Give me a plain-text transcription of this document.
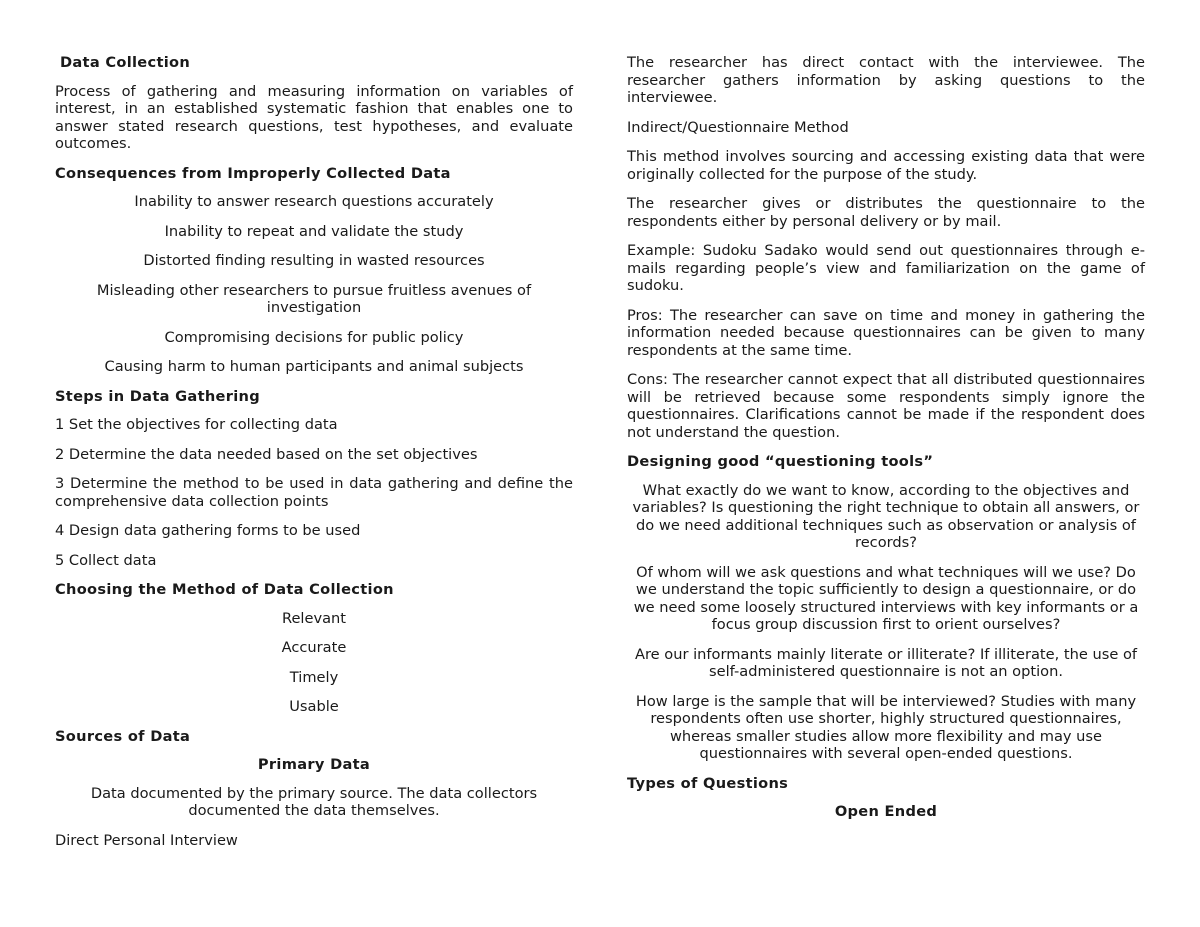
Data Collection

Process of gathering and measuring information on variables of interest, in an established systematic fashion that enables one to answer stated research questions, test hypotheses, and evaluate outcomes.

Consequences from Improperly Collected Data

Inability to answer research questions accurately

Inability to repeat and validate the study

Distorted finding resulting in wasted resources

Misleading other researchers to pursue fruitless avenues of investigation

Compromising decisions for public policy

Causing harm to human participants and animal subjects

Steps in Data Gathering

1 Set the objectives for collecting data

2 Determine the data needed based on the set objectives

3 Determine the method to be used in data gathering and define the comprehensive data collection points

4 Design data gathering forms to be used

5 Collect data

Choosing the Method of Data Collection

Relevant

Accurate

Timely

Usable

Sources of Data

Primary Data

Data documented by the primary source. The data collectors documented the data themselves.

Direct Personal Interview

The researcher has direct contact with the interviewee. The researcher gathers information by asking questions to the interviewee.

Indirect/Questionnaire Method

This method involves sourcing and accessing existing data that were originally collected for the purpose of the study.

The researcher gives or distributes the questionnaire to the respondents either by personal delivery or by mail.

Example: Sudoku Sadako would send out questionnaires through e-mails regarding people’s view and familiarization on the game of sudoku.

Pros: The researcher can save on time and money in gathering the information needed because questionnaires can be given to many respondents at the same time.

Cons: The researcher cannot expect that all distributed questionnaires will be retrieved because some respondents simply ignore the questionnaires. Clarifications cannot be made if the respondent does not understand the question.

Designing good “questioning tools”

What exactly do we want to know, according to the objectives and variables? Is questioning the right technique to obtain all answers, or do we need additional techniques such as observation or analysis of records?

Of whom will we ask questions and what techniques will we use? Do we understand the topic sufficiently to design a questionnaire, or do we need some loosely structured interviews with key informants or a focus group discussion first to orient ourselves?

Are our informants mainly literate or illiterate? If illiterate, the use of self-administered questionnaire is not an option.

How large is the sample that will be interviewed? Studies with many respondents often use shorter, highly structured questionnaires, whereas smaller studies allow more flexibility and may use questionnaires with several open-ended questions.

Types of Questions

Open Ended
